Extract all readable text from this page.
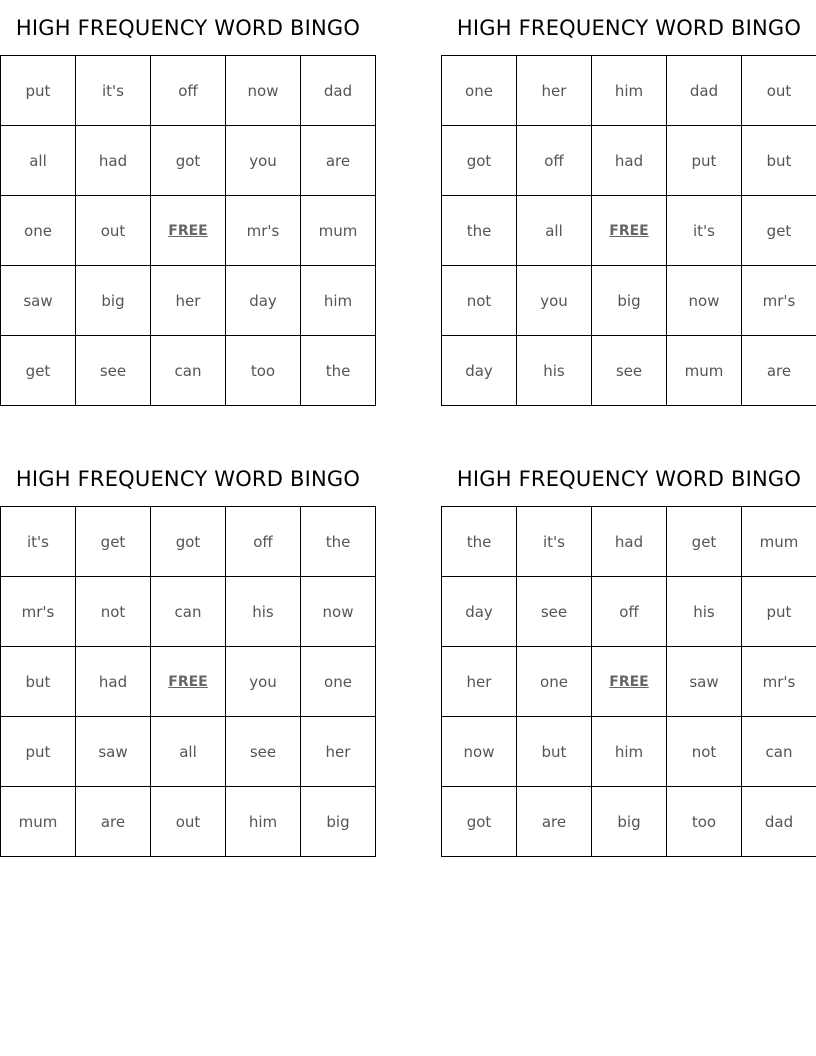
HIGH FREQUENCY WORD BINGO
put	it's	off	now	dad
all	had	got	you	are
one	out	FREE	mr's	mum
saw	big	her	day	him
get	see	can	too	the
HIGH FREQUENCY WORD BINGO
one	her	him	dad	out
got	off	had	put	but
the	all	FREE	it's	get
not	you	big	now	mr's
day	his	see	mum	are
HIGH FREQUENCY WORD BINGO
it's	get	got	off	the
mr's	not	can	his	now
but	had	FREE	you	one
put	saw	all	see	her
mum	are	out	him	big
HIGH FREQUENCY WORD BINGO
the	it's	had	get	mum
day	see	off	his	put
her	one	FREE	saw	mr's
now	but	him	not	can
got	are	big	too	dad
